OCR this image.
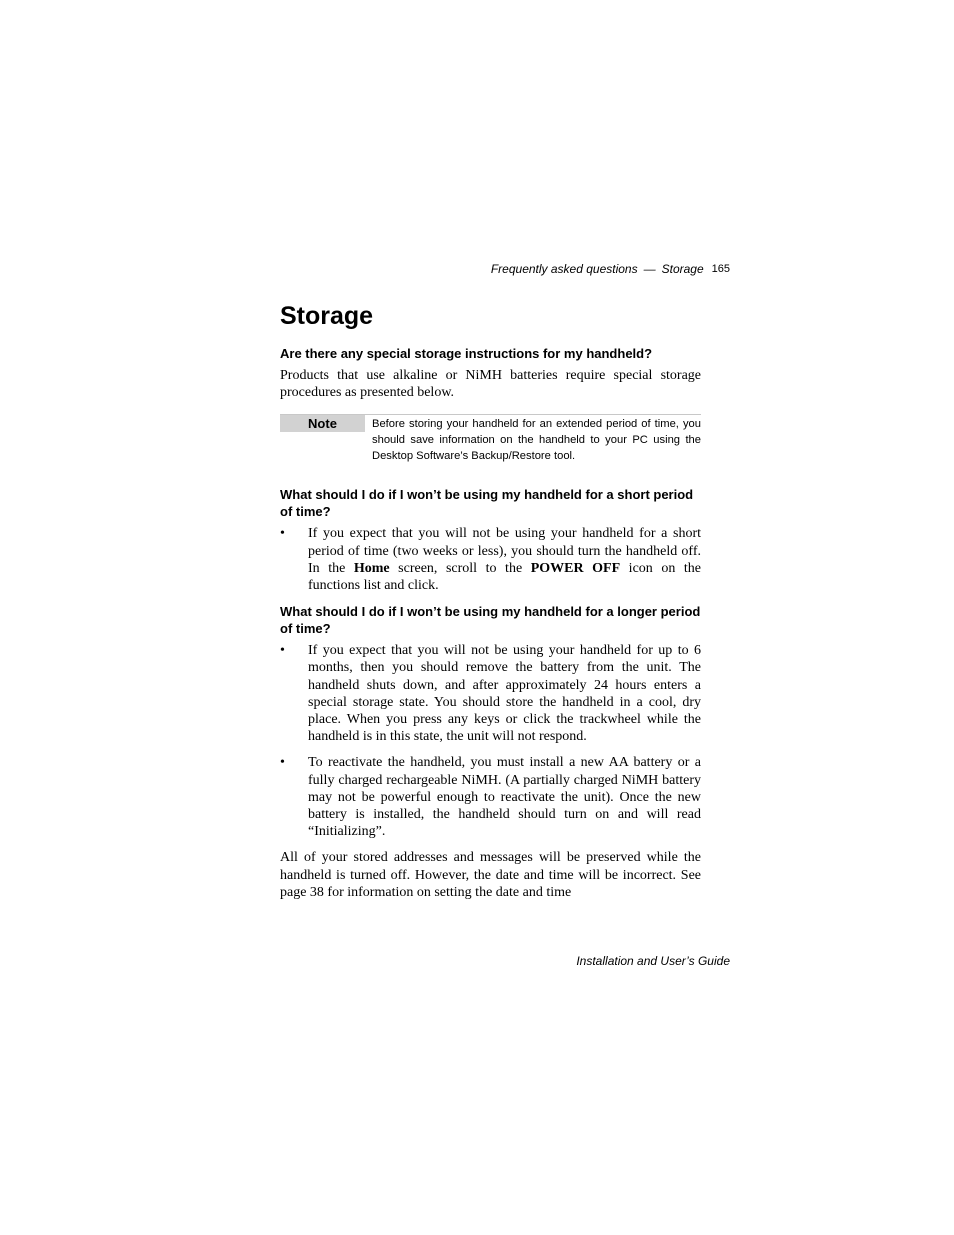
Frequently asked questions — Storage 165
Storage
Are there any special storage instructions for my handheld?

Products that use alkaline or NiMH batteries require special storage procedures as presented below.

Note	Before storing your handheld for an extended period of time, you should save information on the handheld to your PC using the Desktop Software’s Backup/Restore tool.
What should I do if I won’t be using my handheld for a short period of time?
• If you expect that you will not be using your handheld for a short period of time (two weeks or less), you should turn the handheld off. In the Home screen, scroll to the POWER OFF icon on the functions list and click.
What should I do if I won’t be using my handheld for a longer period of time?
• If you expect that you will not be using your handheld for up to 6 months, then you should remove the battery from the unit. The handheld shuts down, and after approximately 24 hours enters a special storage state. You should store the handheld in a cool, dry place. When you press any keys or click the trackwheel while the handheld is in this state, the unit will not respond.
• To reactivate the handheld, you must install a new AA battery or a fully charged rechargeable NiMH. (A partially charged NiMH battery may not be powerful enough to reactivate the unit). Once the new battery is installed, the handheld should turn on and will read “Initializing”.

All of your stored addresses and messages will be preserved while the handheld is turned off. However, the date and time will be incorrect. See page 38 for information on setting the date and time

Installation and User’s Guide
